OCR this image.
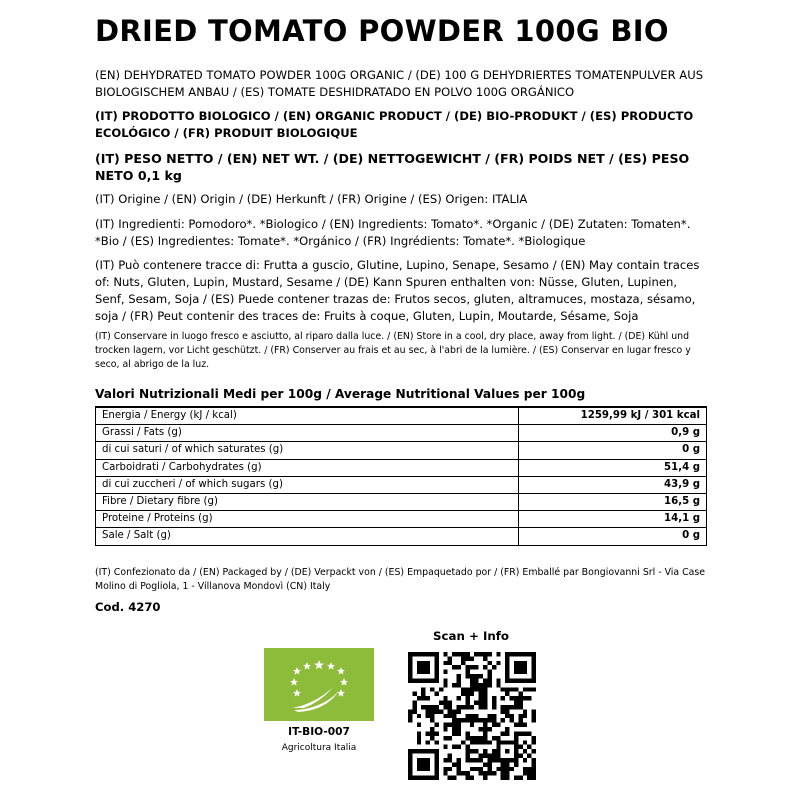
DRIED TOMATO POWDER 100G BIO

(EN) DEHYDRATED TOMATO POWDER 100G ORGANIC / (DE) 100 G DEHYDRIERTES TOMATENPULVER AUS BIOLOGISCHEM ANBAU / (ES) TOMATE DESHIDRATADO EN POLVO 100G ORGÁNICO

(IT) PRODOTTO BIOLOGICO / (EN) ORGANIC PRODUCT / (DE) BIO-PRODUKT / (ES) PRODUCTO ECOLÓGICO / (FR) PRODUIT BIOLOGIQUE

(IT) PESO NETTO / (EN) NET WT. / (DE) NETTOGEWICHT / (FR) POIDS NET / (ES) PESO NETO 0,1 kg

(IT) Origine / (EN) Origin / (DE) Herkunft / (FR) Origine / (ES) Origen: ITALIA

(IT) Ingredienti: Pomodoro*. *Biologico / (EN) Ingredients: Tomato*. *Organic / (DE) Zutaten: Tomaten*. *Bio / (ES) Ingredientes: Tomate*. *Orgánico / (FR) Ingrédients: Tomate*. *Biologique

(IT) Può contenere tracce di: Frutta a guscio, Glutine, Lupino, Senape, Sesamo / (EN) May contain traces of: Nuts, Gluten, Lupin, Mustard, Sesame / (DE) Kann Spuren enthalten von: Nüsse, Gluten, Lupinen, Senf, Sesam, Soja / (ES) Puede contener trazas de: Frutos secos, gluten, altramuces, mostaza, sésamo, soja / (FR) Peut contenir des traces de: Fruits à coque, Gluten, Lupin, Moutarde, Sésame, Soja

(IT) Conservare in luogo fresco e asciutto, al riparo dalla luce. / (EN) Store in a cool, dry place, away from light. / (DE) Kühl und trocken lagern, vor Licht geschützt. / (FR) Conserver au frais et au sec, à l'abri de la lumière. / (ES) Conservar en lugar fresco y seco, al abrigo de la luz.

Valori Nutrizionali Medi per 100g / Average Nutritional Values per 100g
Energia / Energy (kJ / kcal)	1259,99 kJ / 301 kcal
Grassi / Fats (g)	0,9 g
di cui saturi / of which saturates (g)	0 g
Carboidrati / Carbohydrates (g)	51,4 g
di cui zuccheri / of which sugars (g)	43,9 g
Fibre / Dietary fibre (g)	16,5 g
Proteine / Proteins (g)	14,1 g
Sale / Salt (g)	0 g

(IT) Confezionato da / (EN) Packaged by / (DE) Verpackt von / (ES) Empaquetado por / (FR) Emballé par Bongiovanni Srl - Via Case Molino di Pogliola, 1 - Villanova Mondovì (CN) Italy

Cod. 4270
Scan + Info
IT-BIO-007
Agricoltura Italia
